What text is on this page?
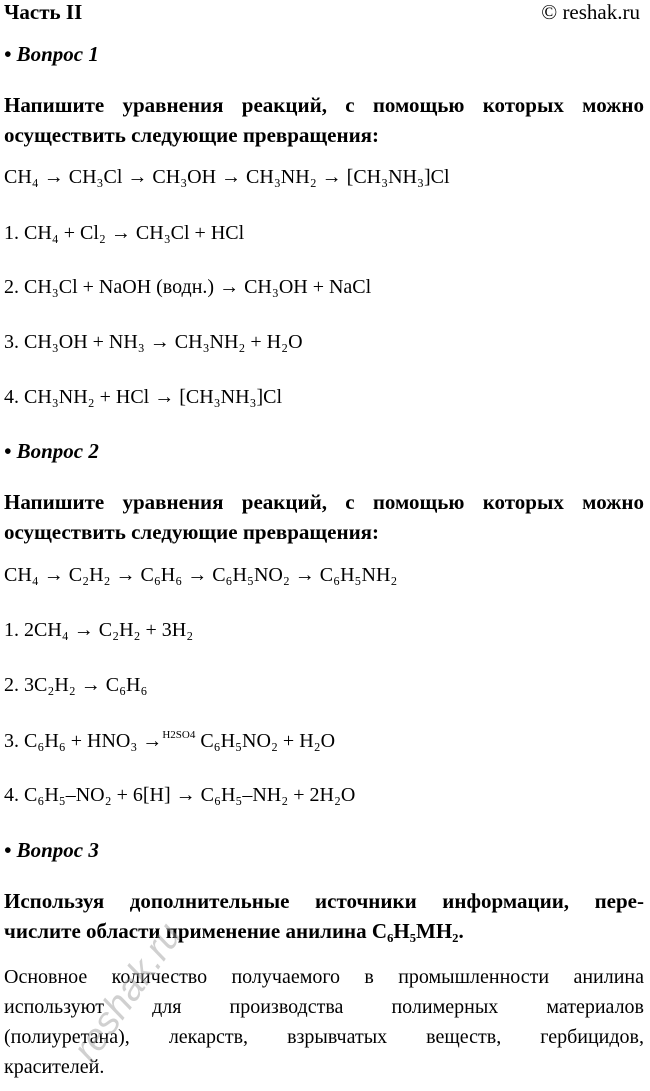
Часть II	© reshak.ru
• Вопрос 1
Напишите уравнения реакций, с помощью которых можно осуществить следующие превращения:
CH₄ → CH₃Cl → CH₃OH → CH₃NH₂ → [CH₃NH₃]Cl
1. CH₄ + Cl₂ → CH₃Cl + HCl
2. CH₃Cl + NaOH (водн.) → CH₃OH + NaCl
3. CH₃OH + NH₃ → CH₃NH₂ + H₂O
4. CH₃NH₂ + HCl → [CH₃NH₃]Cl
• Вопрос 2
Напишите уравнения реакций, с помощью которых можно осуществить следующие превращения:
CH₄ → C₂H₂ → C₆H₆ → C₆H₅NO₂ → C₆H₅NH₂
1. 2CH₄ → C₂H₂ + 3H₂
2. 3C₂H₂ → C₆H₆
3. C₆H₆ + HNO₃ →$^{H2SO4}$ C₆H₅NO₂ + H₂O
4. C₆H₅–NO₂ + 6[H] → C₆H₅–NH₂ + 2H₂O
• Вопрос 3
Используя дополнительные источники информации, пере-
числите области применение анилина C₆H₅MH₂.
Основное количество получаемого в промышленности анилина
используют для производства полимерных материалов
(полиуретана), лекарств, взрывчатых веществ, гербицидов,
красителей.
reshak.ru
